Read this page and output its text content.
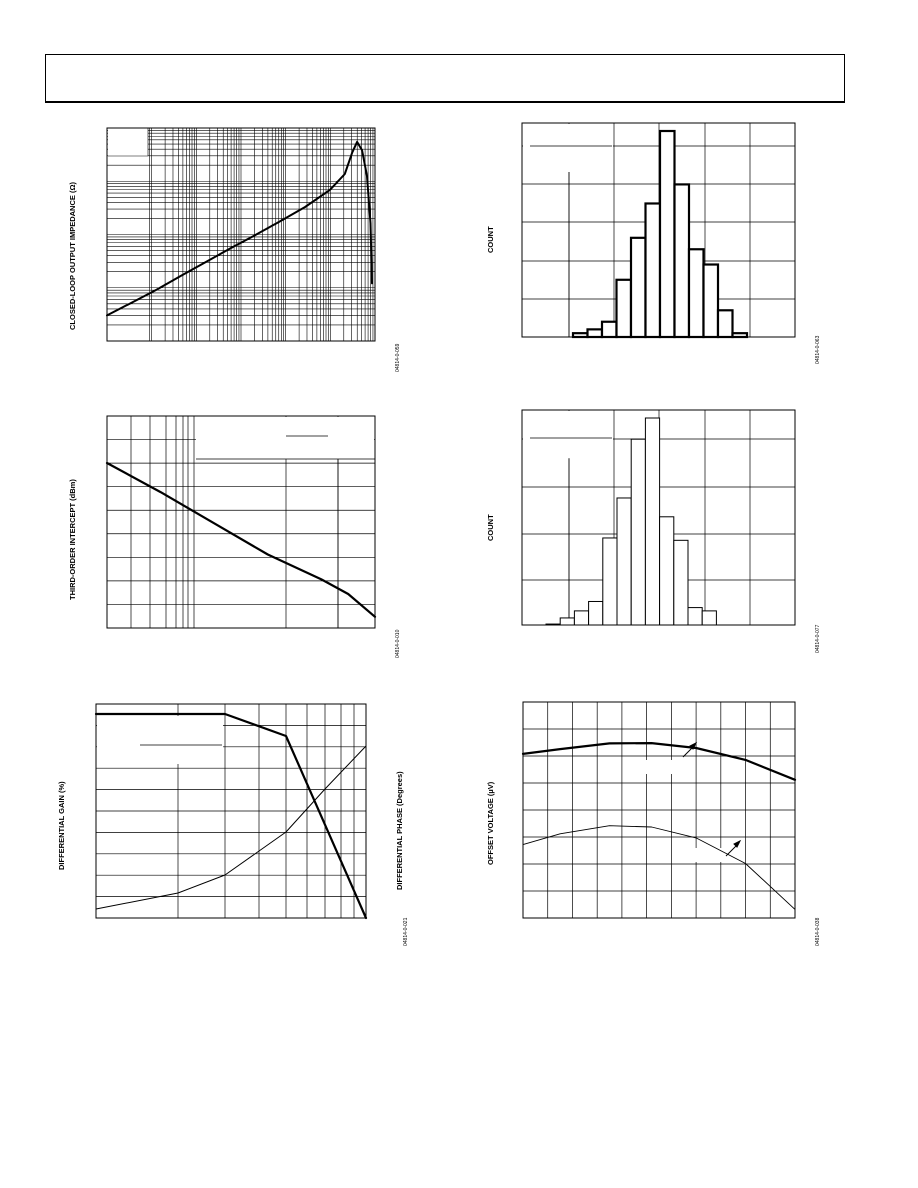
CLOSED-LOOP OUTPUT IMPEDANCE (Ω)
04814-0-059
THIRD-ORDER INTERCEPT (dBm)
04814-0-010
DIFFERENTIAL GAIN (%)	DIFFERENTIAL PHASE (Degrees)
04814-0-021
COUNT
04814-0-063
COUNT
04814-0-077
OFFSET VOLTAGE (µV)
04814-0-038
